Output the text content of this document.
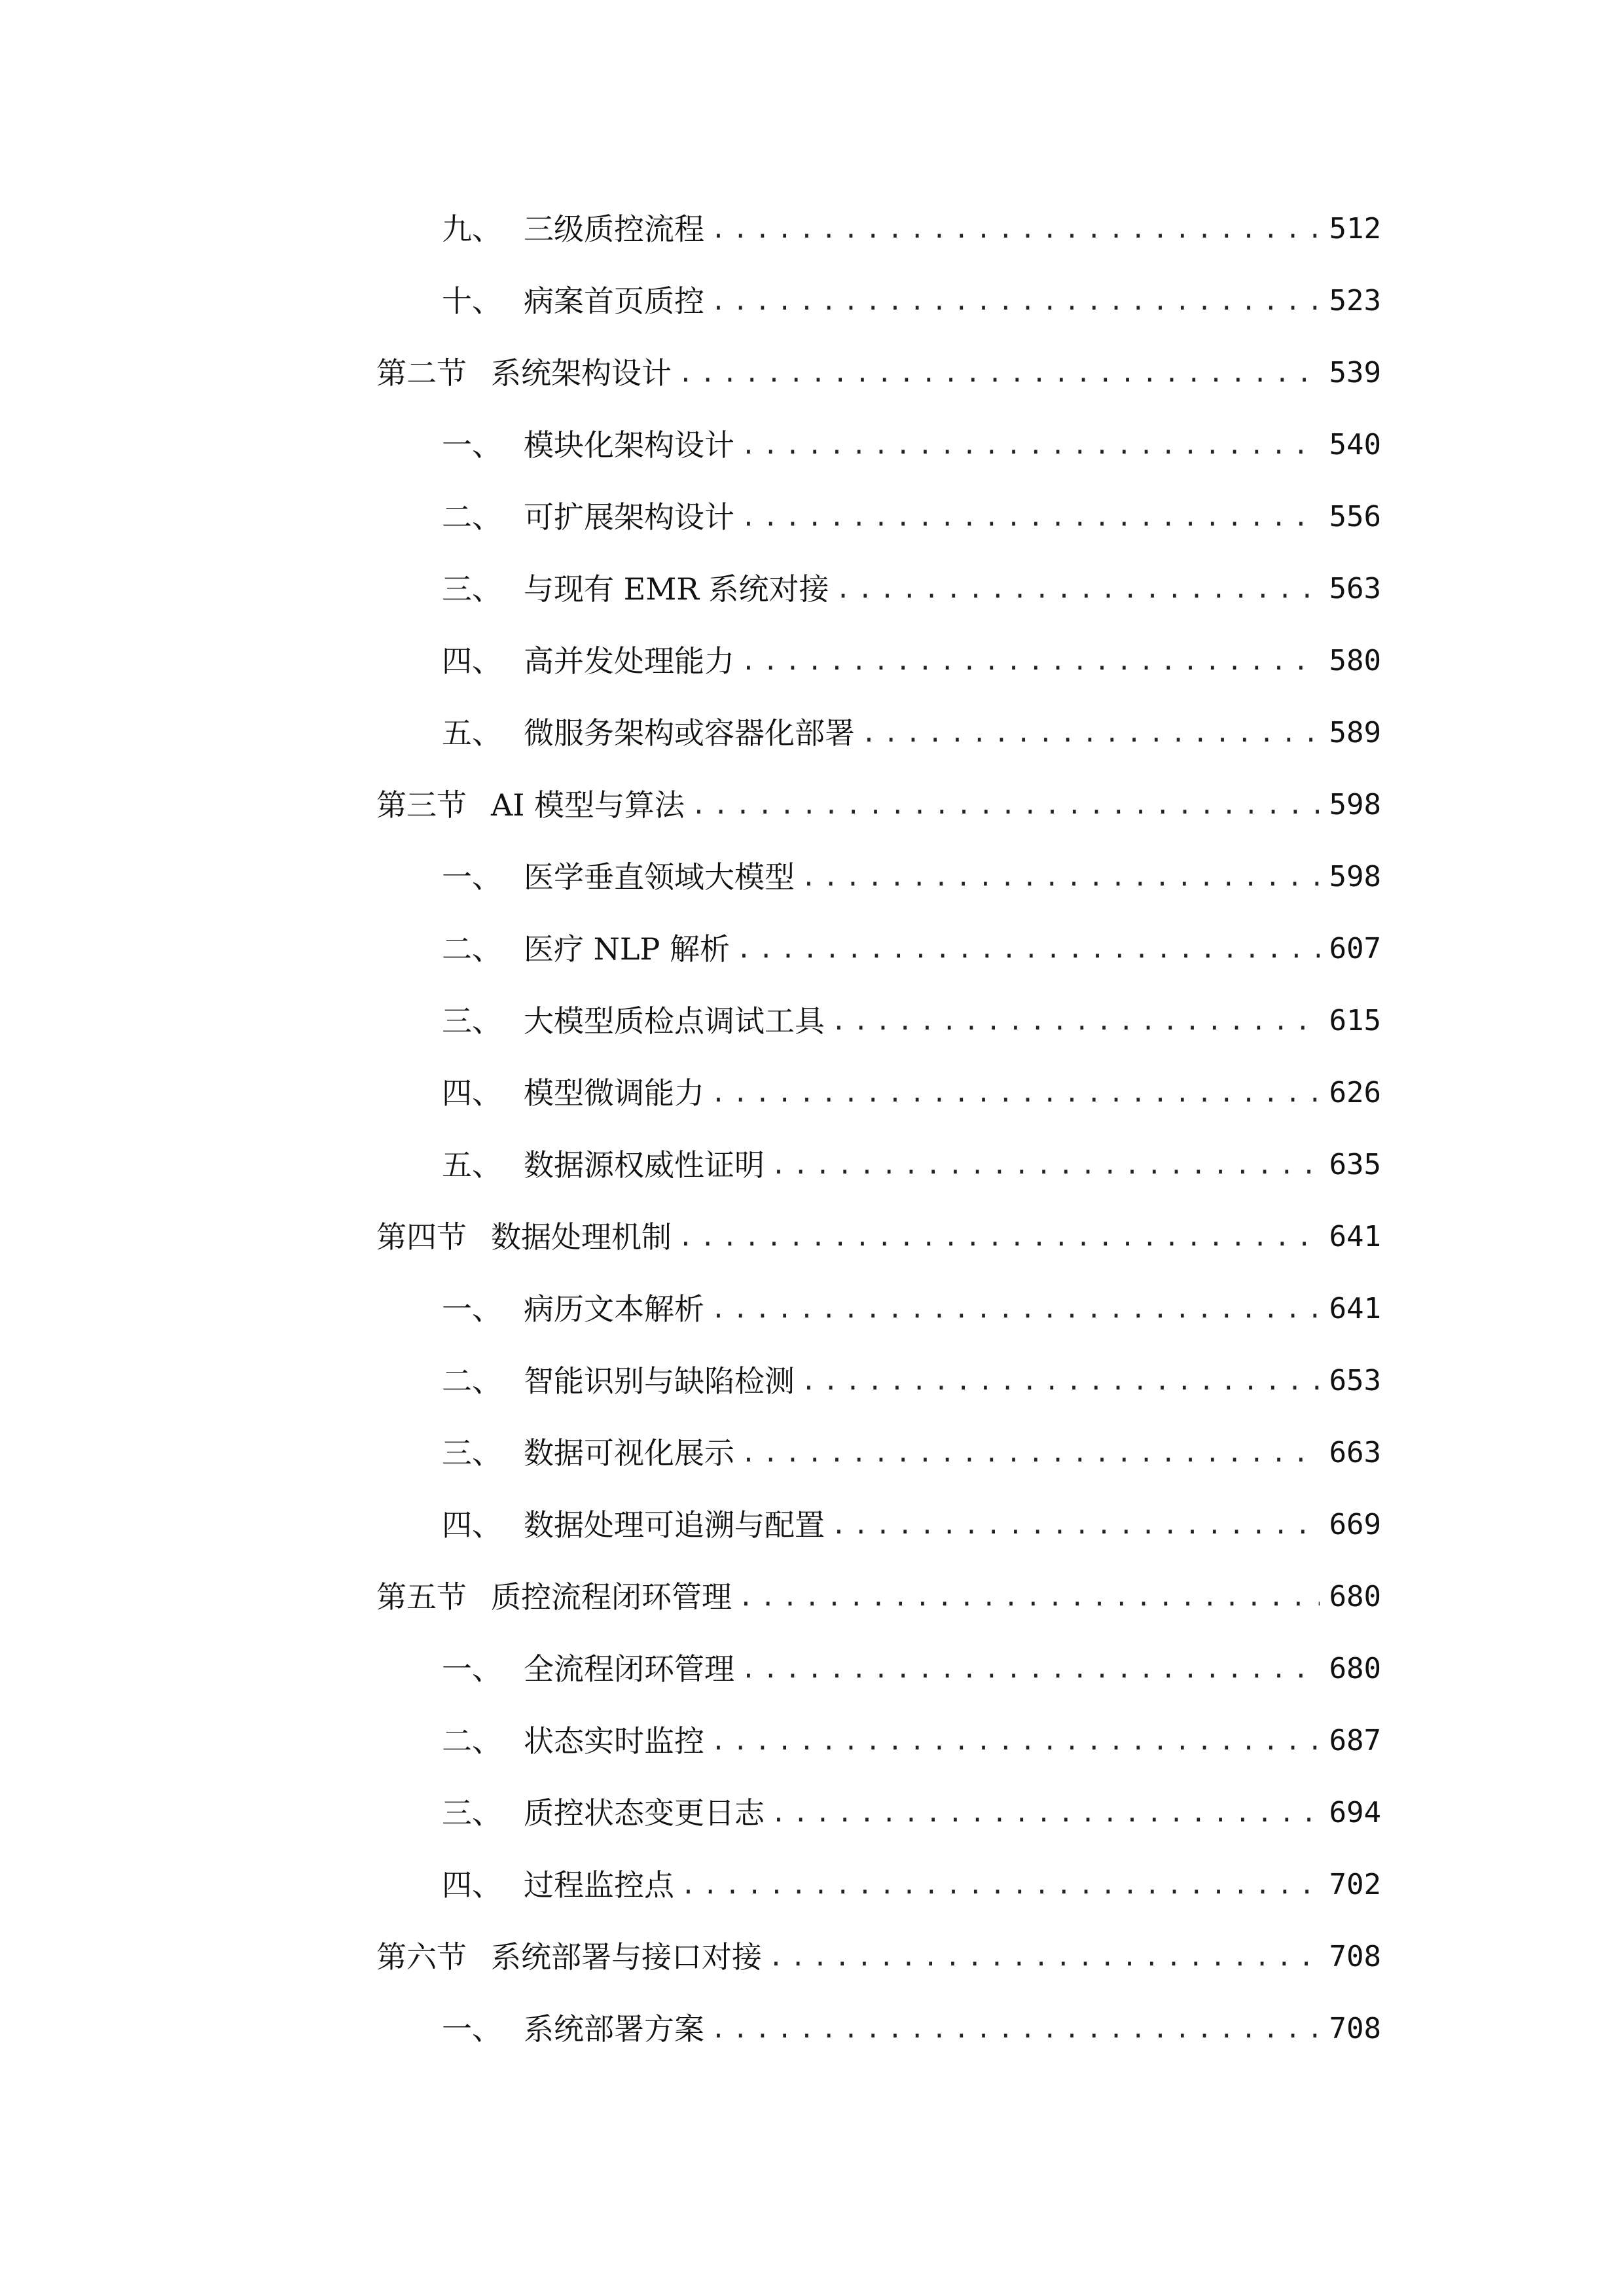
九、 三级质控流程 . . .	512
十、 病案首页质控 . . .	523
第二节 系统架构设计 . . .	539
一、 模块化架构设计 . . .	540
二、 可扩展架构设计 . . .	556
三、 与现有 EMR 系统对接 . . .	563
四、 高并发处理能力 . . .	580
五、 微服务架构或容器化部署 . . .	589
第三节 AI 模型与算法 . . .	598
一、 医学垂直领域大模型 . . .	598
二、 医疗 NLP 解析 . . .	607
三、 大模型质检点调试工具 . . .	615
四、 模型微调能力 . . .	626
五、 数据源权威性证明 . . .	635
第四节 数据处理机制 . . .	641
一、 病历文本解析 . . .	641
二、 智能识别与缺陷检测 . . .	653
三、 数据可视化展示 . . .	663
四、 数据处理可追溯与配置 . . .	669
第五节 质控流程闭环管理 . . .	680
一、 全流程闭环管理 . . .	680
二、 状态实时监控 . . .	687
三、 质控状态变更日志 . . .	694
四、 过程监控点 . . .	702
第六节 系统部署与接口对接 . . .	708
一、 系统部署方案 . . .	708
